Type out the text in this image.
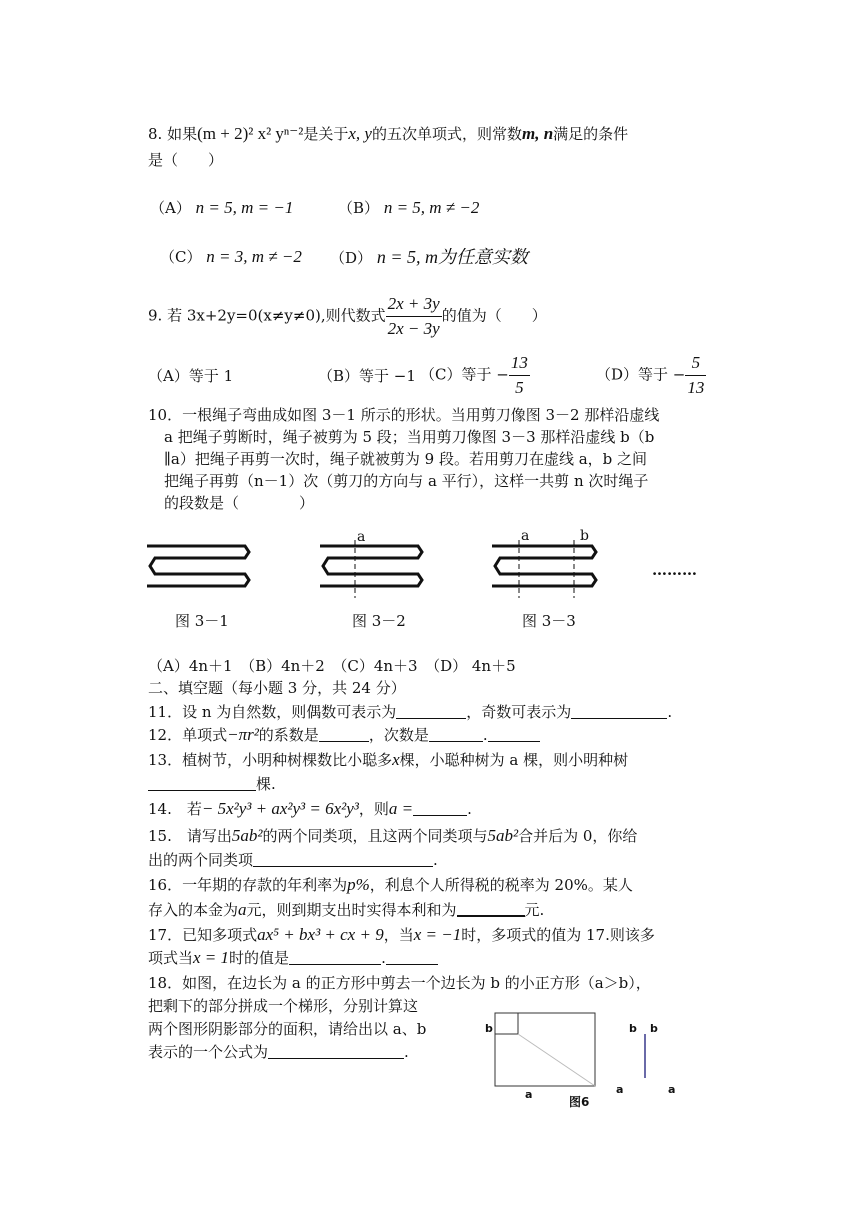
8. 如果(m + 2)² x² yⁿ⁻²是关于x, y的五次单项式，则常数m, n满足的条件
是（　　）
（A） n = 5, m = −1	（B） n = 5, m ≠ −2
（C） n = 3, m ≠ −2 （D） n = 5, m为任意实数
9. 若 3x+2y=0(x≠y≠0),则代数式 $\frac{2x + 3y}{2x - 3y}$ 的值为（　　）
（A）等于 1	（B）等于 −1 （C）等于 − $\frac{13}{5}$	（D）等于 − $\frac{5}{13}$
10．一根绳子弯曲成如图 3－1 所示的形状。当用剪刀像图 3－2 那样沿虚线
a 把绳子剪断时，绳子被剪为 5 段；当用剪刀像图 3－3 那样沿虚线 b（b
∥a）把绳子再剪一次时，绳子就被剪为 9 段。若用剪刀在虚线 a，b 之间
把绳子再剪（n－1）次（剪刀的方向与 a 平行），这样一共剪 n 次时绳子
的段数是（　　　　）
a	a	b
………
图 3－1	图 3－2	图 3－3
（A）4n＋1　（B）4n＋2　（C）4n＋3　（D） 4n＋5
二、填空题（每小题 3 分，共 24 分）
11．设 n 为自然数，则偶数可表示为	，奇数可表示为	.
12．单项式−πr²的系数是	，次数是	.
13．植树节，小明种树棵数比小聪多x棵，小聪种树为 a 棵，则小明种树
棵.
14.　若− 5x²y³ + ax²y³ = 6x²y³，则a =	.
15.　请写出5ab²的两个同类项，且这两个同类项与5ab²合并后为 0，你给
出的两个同类项	.
16．一年期的存款的年利率为p%，利息个人所得税的税率为 20%。某人
存入的本金为a元，则到期支出时实得本利和为	元.
17．已知多项式ax⁵ + bx³ + cx + 9，当x = −1时，多项式的值为 17.则该多
项式当x = 1时的值是	.
18．如图，在边长为 a 的正方形中剪去一个边长为 b 的小正方形（a＞b），
把剩下的部分拼成一个梯形，分别计算这
两个图形阴影部分的面积，请给出以 a、b
表示的一个公式为	.
b
a
图6
b b
a	a
